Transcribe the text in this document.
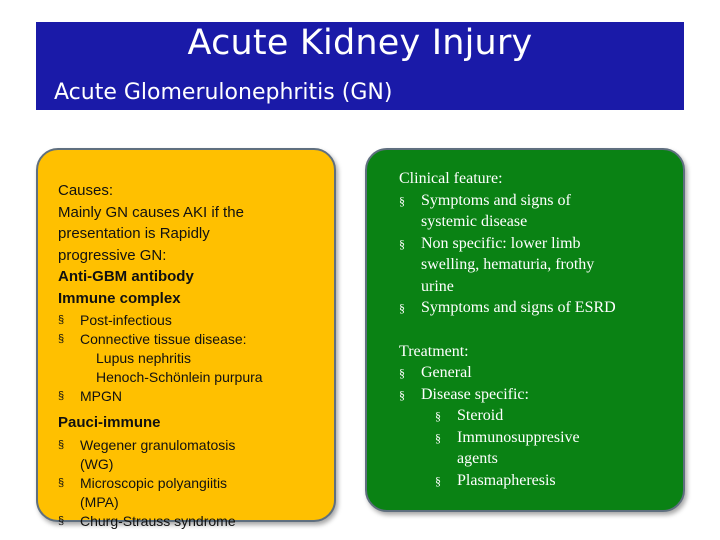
Acute Kidney Injury
Acute Glomerulonephritis (GN)

Causes:

Mainly GN causes AKI if the

presentation is Rapidly

progressive GN:

Anti-GBM antibody

Immune complex

§ Post-infectious
§ Connective tissue disease:
Lupus nephritis
Henoch-Schönlein purpura
§ MPGN

Pauci-immune

§ Wegener granulomatosis
(WG)
§ Microscopic polyangiitis
(MPA)
§ Churg-Strauss syndrome

Clinical feature:

§ Symptoms and signs of
systemic disease
§ Non specific: lower limb
swelling, hematuria, frothy
urine
§ Symptoms and signs of ESRD

Treatment:

§ General
§ Disease specific:
§ Steroid
§ Immunosuppresive
agents
§ Plasmapheresis
